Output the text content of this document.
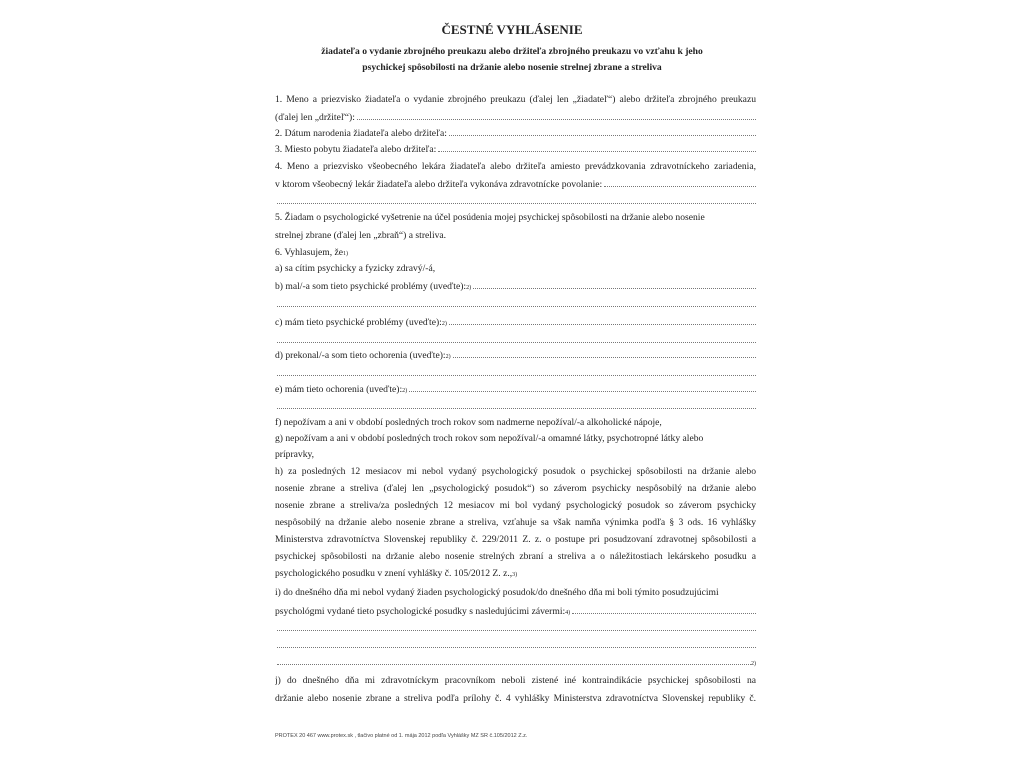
ČESTNÉ VYHLÁSENIE
žiadateľa o vydanie zbrojného preukazu alebo držiteľa zbrojného preukazu vo vzťahu k jeho
psychickej spôsobilosti na držanie alebo nosenie strelnej zbrane a streliva
1. Meno a priezvisko žiadateľa o vydanie zbrojného preukazu (ďalej len „žiadateľ“) alebo držiteľa zbrojného preukazu
(ďalej len „držiteľ“):
2. Dátum narodenia žiadateľa alebo držiteľa:
3. Miesto pobytu žiadateľa alebo držiteľa:
4. Meno a priezvisko všeobecného lekára žiadateľa alebo držiteľa amiesto prevádzkovania zdravotníckeho zariadenia,
v ktorom všeobecný lekár žiadateľa alebo držiteľa vykonáva zdravotnícke povolanie:
5. Žiadam o psychologické vyšetrenie na účel posúdenia mojej psychickej spôsobilosti na držanie alebo nosenie
strelnej zbrane (ďalej len „zbraň“) a streliva.
6. Vyhlasujem, že 1)
a) sa cítim psychicky a fyzicky zdravý/-á,
b) mal/-a som tieto psychické problémy (uveďte): 2)
c) mám tieto psychické problémy (uveďte): 2)
d) prekonal/-a som tieto ochorenia (uveďte): 2)
e) mám tieto ochorenia (uveďte): 2)
f) nepožívam a ani v období posledných troch rokov som nadmerne nepožíval/-a alkoholické nápoje,
g) nepožívam a ani v období posledných troch rokov som nepožíval/-a omamné látky, psychotropné látky alebo
prípravky,
h) za posledných 12 mesiacov mi nebol vydaný psychologický posudok o psychickej spôsobilosti na držanie alebo
nosenie zbrane a streliva (ďalej len „psychologický posudok“) so záverom psychicky nespôsobilý na držanie alebo
nosenie zbrane a streliva/za posledných 12 mesiacov mi bol vydaný psychologický posudok so záverom psychicky
nespôsobilý na držanie alebo nosenie zbrane a streliva, vzťahuje sa však namňa výnimka podľa § 3 ods. 16 vyhlášky
Ministerstva zdravotníctva Slovenskej republiky č. 229/2011 Z. z. o postupe pri posudzovaní zdravotnej spôsobilosti a
psychickej spôsobilosti na držanie alebo nosenie strelných zbraní a streliva a o náležitostiach lekárskeho posudku a
psychologického posudku v znení vyhlášky č. 105/2012 Z. z., 3)
i) do dnešného dňa mi nebol vydaný žiaden psychologický posudok/do dnešného dňa mi boli týmito posudzujúcimi
psychológmi vydané tieto psychologické posudky s nasledujúcimi závermi: 4)
$_{2)}$
j) do dnešného dňa mi zdravotníckym pracovníkom neboli zistené iné kontraindikácie psychickej spôsobilosti na
držanie alebo nosenie zbrane a streliva podľa prílohy č. 4 vyhlášky Ministerstva zdravotníctva Slovenskej republiky č.
PROTEX 20 467 www.protex.sk , tlačivo platné od 1. mája 2012 podľa Vyhlášky MZ SR č.105/2012 Z.z.
